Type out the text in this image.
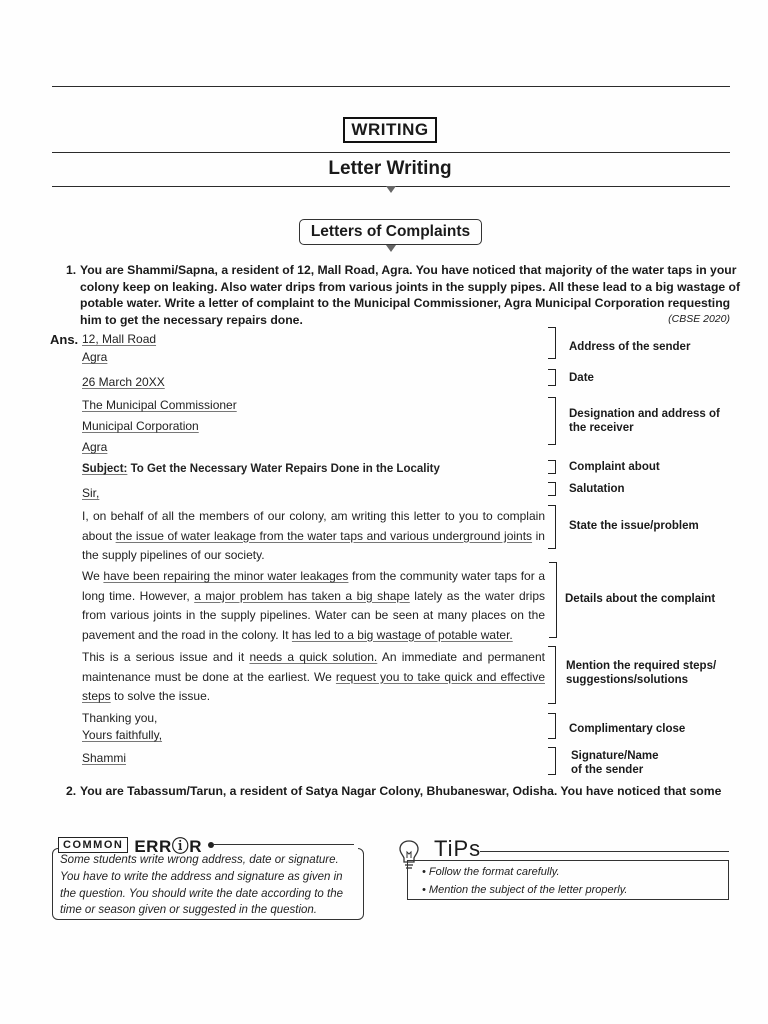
WRITING
Letter Writing
Letters of Complaints
1. You are Shammi/Sapna, a resident of 12, Mall Road, Agra. You have noticed that majority of the water taps in your
colony keep on leaking. Also water drips from various joints in the supply pipes. All these lead to a big wastage of
potable water. Write a letter of complaint to the Municipal Commissioner, Agra Municipal Corporation requesting
him to get the necessary repairs done.	(CBSE 2020)
Ans. 12, Mall Road
Agra
26 March 20XX
The Municipal Commissioner
Municipal Corporation
Agra
Subject: To Get the Necessary Water Repairs Done in the Locality
Sir,
I, on behalf of all the members of our colony, am writing this letter to you to complain about the issue of water leakage from the water taps and various underground joints in the supply pipelines of our society.
We have been repairing the minor water leakages from the community water taps for a long time. However, a major problem has taken a big shape lately as the water drips from various joints in the supply pipelines. Water can be seen at many places on the pavement and the road in the colony. It has led to a big wastage of potable water.
This is a serious issue and it needs a quick solution. An immediate and permanent maintenance must be done at the earliest. We request you to take quick and effective steps to solve the issue.
Thanking you,
Yours faithfully,
Shammi
Address of the sender
Date
Designation and address of
the receiver
Complaint about
Salutation
State the issue/problem
Details about the complaint
Mention the required steps/
suggestions/solutions
Complimentary close
Signature/Name
of the sender
2. You are Tabassum/Tarun, a resident of Satya Nagar Colony, Bhubaneswar, Odisha. You have noticed that some
COMMON ERRⓘR
Some students write wrong address, date or signature.
You have to write the address and signature as given in
the question. You should write the date according to the
time or season given or suggested in the question.
TiPs
• Follow the format carefully.
• Mention the subject of the letter properly.
